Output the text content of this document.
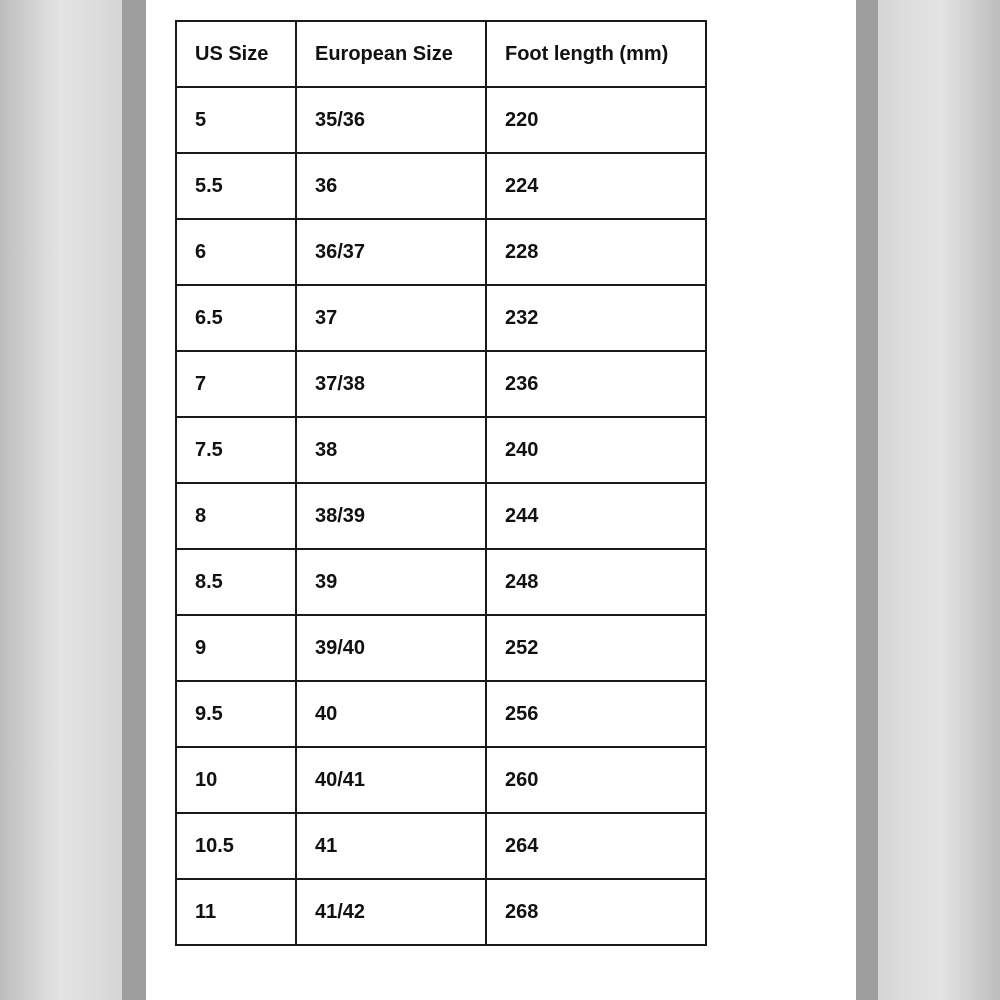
US Size	European Size	Foot length (mm)
5	35/36	220
5.5	36	224
6	36/37	228
6.5	37	232
7	37/38	236
7.5	38	240
8	38/39	244
8.5	39	248
9	39/40	252
9.5	40	256
10	40/41	260
10.5	41	264
11	41/42	268
